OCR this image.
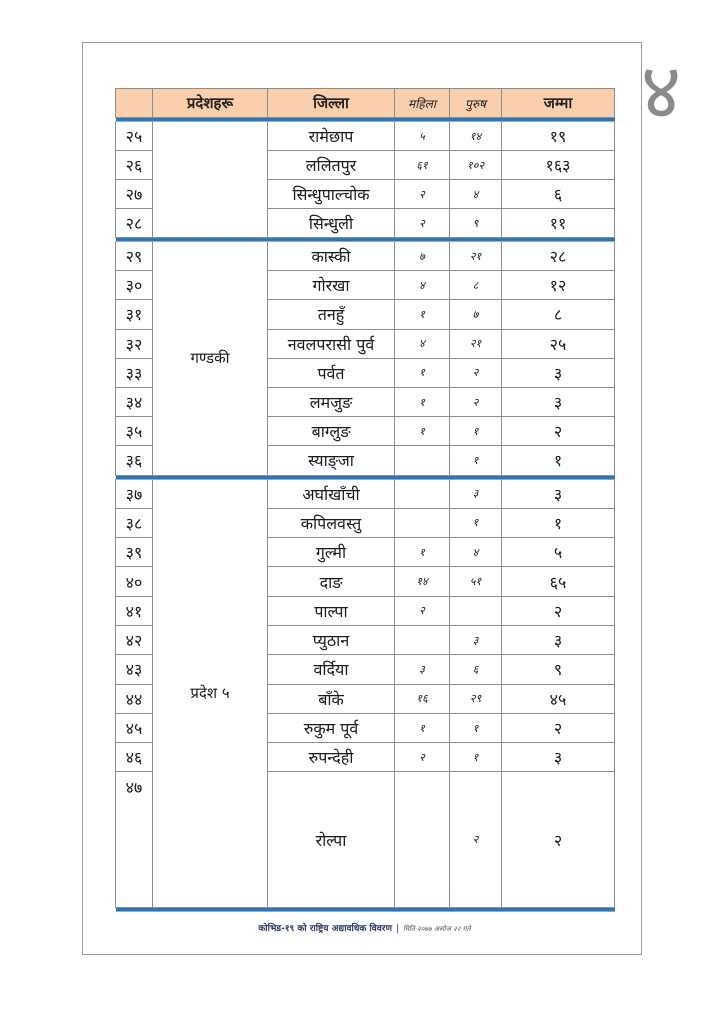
४
	प्रदेशहरू	जिल्ला	महिला	पुरुष	जम्मा

२५		रामेछाप	५	१४	१९
२६		ललितपुर	६१	१०२	१६३
२७		सिन्धुपाल्चोक	२	४	६
२८		सिन्धुली	२	९	११

२९	गण्डकी	कास्की	७	२१	२८
३०		गोरखा	४	८	१२
३१		तनहुँ	१	७	८
३२		नवलपरासी पुर्व	४	२१	२५
३३		पर्वत	१	२	३
३४		लमजुङ	१	२	३
३५		बाग्लुङ	१	१	२
३६		स्याङ्जा		१	१

३७	प्रदेश ५	अर्घाखाँची		३	३
३८		कपिलवस्तु		१	१
३९		गुल्मी	१	४	५
४०		दाङ	१४	५१	६५
४१		पाल्पा	२		२
४२		प्युठान		३	३
४३		वर्दिया	३	६	९
४४		बाँके	१६	२९	४५
४५		रुकुम पूर्व	१	१	२
४६		रुपन्देही	२	१	३
४७		रोल्पा		२	२

कोभिड-१९ को राष्ट्रिय अद्यावधिक विवरण | मिति २०७७ असोज २२ गते
